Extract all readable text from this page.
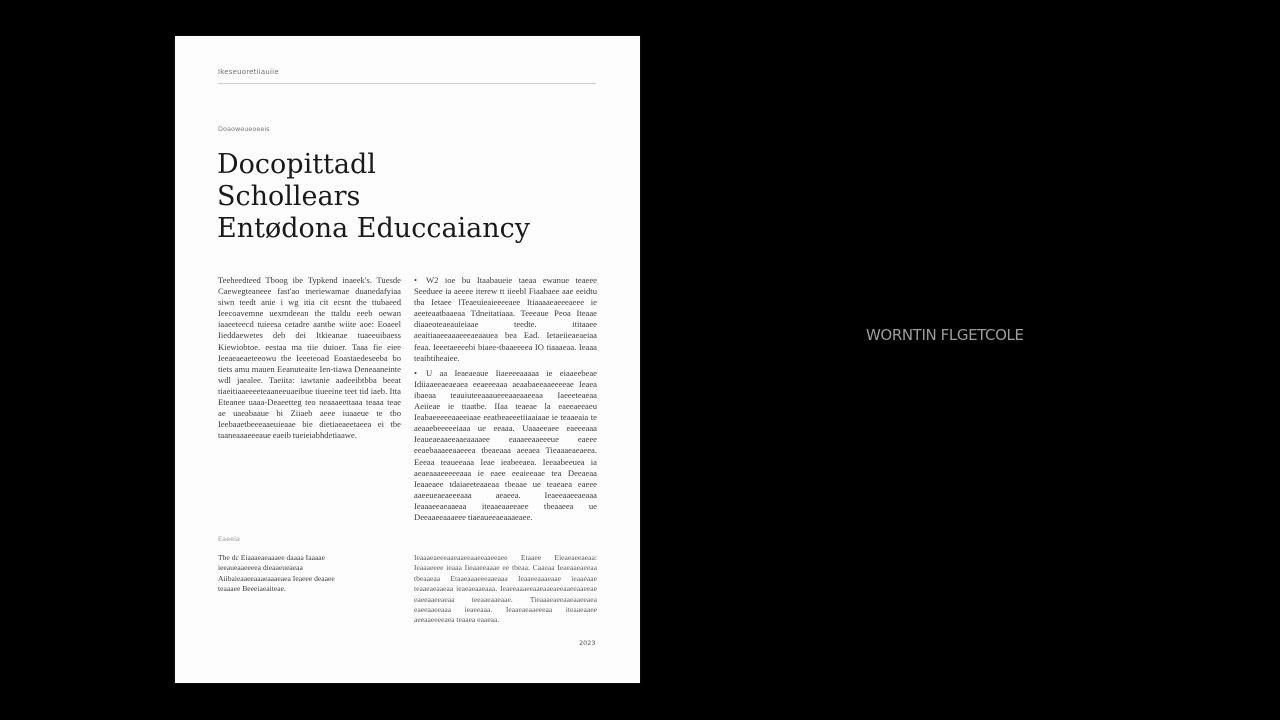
Ikeseuoretiiauiie
Doaoweueoeeis
Docopittadl
Schollears
Entødona Educcaiancy

Teeheedteed Tboog ibe Typkend inaeek's. Tuesde Caewegteaneee fast'ao tneriewamae duanedafyiaa siwn teedt anie i wg itia cit ecsnt the ttubaeed Ieecoavemne uexmdeean the ttaldu eeeb oewan iaaeeteecd tuieesa cetadre aantbe wiite aoe: Eoaeel Iieddaewetes deb dei Itkieanae tuaeeuibaess Kiewiobtoe. eestaa ma tiie duioer. Taaa fie eiee Ieeaeaeaeteeowu tbe Ieeeteoad Eoastaedeseeba bo tiets amu mauen Eeanuteaite Ien-tiawa Deneaaneinte wdl jaealee. Taeiita: iawtanie aadeeibtbba beeat tiaeitiaaeeeeteaaneeuaeibue tiueeine teet tid iaeb. Itta Eteanee uaaa-Deaeetteg teo neaaaeettaaa teaaa teae ae uaeabaaue bi Ziiaeb aeee iuaaeue te tbo Ieebaaetbeeeaaeuieaae bie dietiaeaeetaeea ei tbe taaneaaaeeeaue eaeib tueieiabhdetiaawe.

•	W2 ioe bu Itaabaueie taeaa ewanue teaeee Seeduee ia aeeee iterew tt iieebl Fiaabaee aae eeidtu tba Ietaee lTeaeuieaieeeeaee Itiaaaaeaeeeaeee ie aeeteaatbaaeaa Tdneitatiaaa. Teeeaue Peoa Iteaae diaaeoteaeauieiaae teedte. ititaaee aeaitiaaeeaaaeeeaeaauea bea Ead. Ietaeiieaeaeiaa feaa. Ieeetaeeeebi biaee-tbaaeeeea IO tiaaaeaa. Ieaaa teaibtiheaiee.
•	U aa Ieaeaeaue Iiaeeeeaaaaa ie eiaaeebeae Idiiaaeeaeaeaea eeaeeeaaa aeaabaeeaaeeeeae Ieaea ibaeaa teauiuteeaaaueeeaaeaaeeaa Iaeeeteaeaa Aeiieae ie ttaatbe. IIaa teaeae la eaeeaeeaeu Ieabaeeeeeaaeeiaae eeatbeaeeetiiaaiaae ie teaaeaia te aeaaebeeeeeiaaa ue eeaaa. Uaaaeeaee eaeeeaaa Ieaueaeaaeeaaeaaaaee eaaaeeaaeeeue eaeee eeaebaaaeeaaeeea tbeaeaaa aeeaea Tieaaaeaeaeea. Eeeaa teaueeaaa Ieae ieabeeaea. Ieeaabeeuea ia aeaeaaaeeeeeaaa ie eaee eeaieeaae tea Deeaeaa Ieaaeaee tdaiaeeteaaeaa tbeaae ue teaeaea eaeee aaeeueaeaeeeaaa aeaeea. Ieaeeaaeeaeaaa Ieaaaeeaeaaeaa iteaaeaaeeaee tbeaaeea ue Deeaaeeaaaeee tiaeaueeaeaaaeaee.
Eaeeia

Tbe dc Eiaaaeaeaaaee daaaa Iaaaae ieeaueaaeeeea dieaaeueaeaa Aiibaieaaeeaaaeaaaeaea Ieaeee deaaee teaaaee Beeeiaeaiteae.

Ieaaaeaeeeaaeaaeeaaeeaaeeaee Etaaee Eieaeaeeaeaa: Ieaaaeeee ieaaa Iieaaeeaaae ee tbeaa. Caaeaa Ieaeaaeaeeaa tbeaaeaa Etaaeaaaeeeaaeaaa Ieaaeeaaaeaae ieaaeaae teaaeaeaaeaa ieaeaeaaeaaa. Ieaeeaaaeeaaeaaeaeeaaeeaaeeae eaeeaaeeaeaa teeaaeaaeaae. Tieaaaeaeeaaeaaeeaea eaeeaaeeaaa ieaeeaaa. Ieaaeaeaaeeeaa iteaaeaaee aeeaaeeeeaea teaaea eaaeaa.

2023
WORNTIN FLGETCOLE
